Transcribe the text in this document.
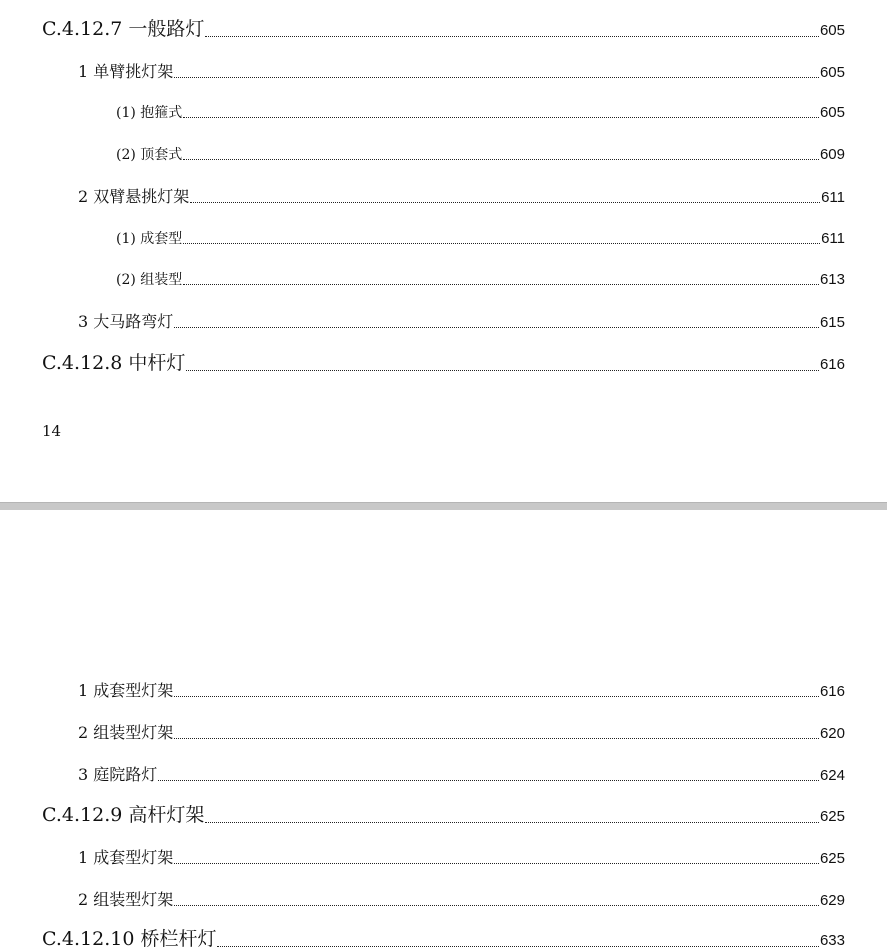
C.4.12.7 一般路灯	605
1 单臂挑灯架	605
(1) 抱箍式	605
(2) 顶套式	609
2 双臂悬挑灯架	611
(1) 成套型	611
(2) 组装型	613
3 大马路弯灯	615
C.4.12.8 中杆灯	616
14
1 成套型灯架	616
2 组装型灯架	620
3 庭院路灯	624
C.4.12.9 高杆灯架	625
1 成套型灯架	625
2 组装型灯架	629
C.4.12.10 桥栏杆灯	633
